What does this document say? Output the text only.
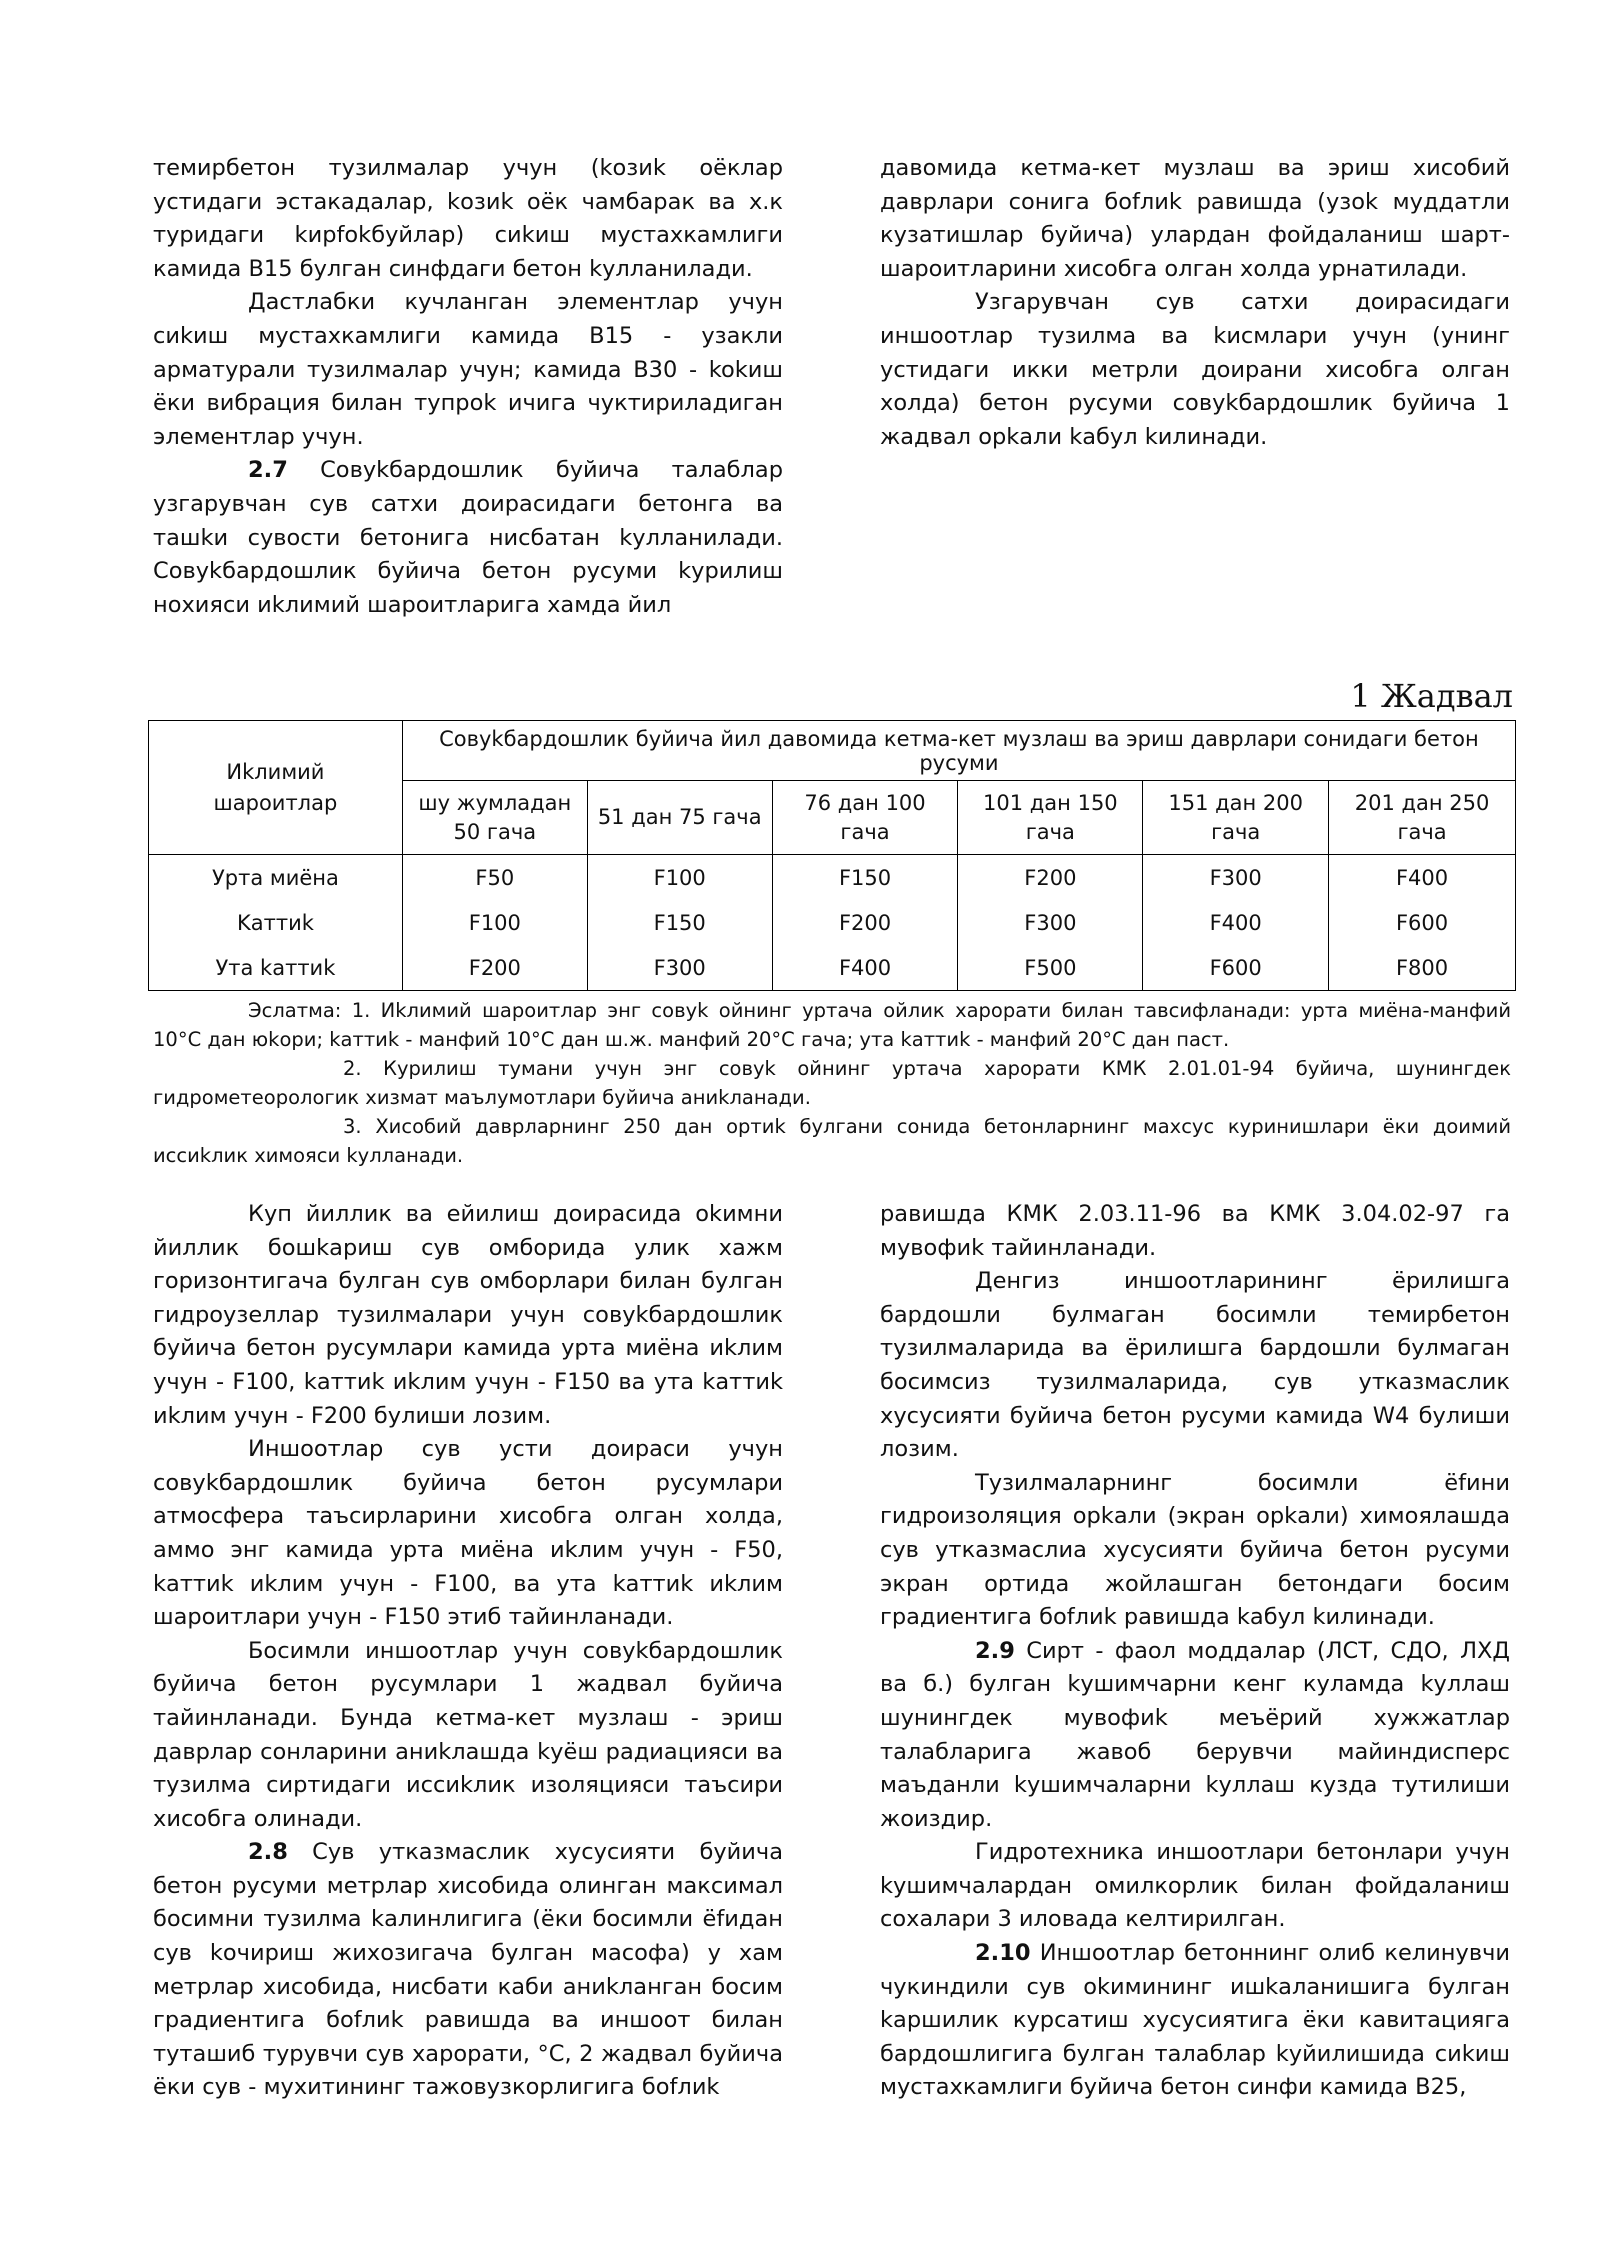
темирбетон тузилмалар учун (kозиk оёклар устидаги эстакадалар, kозиk оёк чамбарак ва х.к туридаги kирfokбуйлар) сиkиш мустахкамлиги камида В15 булган синфдаги бетон kулланилади.

Дастлабки кучланган элементлар учун сиkиш мустахкамлиги камида В15 - узакли арматурали тузилмалар учун; камида В30 - kokиш ёки вибрация билан тупрok ичига чуктириладиган элементлар учун.

2.7 Совуkбардошлик буйича талаблар узгарувчан сув сатхи доирасидаги бетонга ва ташkи сувости бетонига нисбатан kулланилади. Совуkбардошлик буйича бетон русуми kурилиш нохияси иkлимий шароитларига хамда йил

давомида кетма-кет музлаш ва эриш хисобий даврлари сонига боfлиk равишда (узоk муддатли кузатишлар буйича) улардан фойдаланиш шарт-шароитларини хисобга олган холда урнатилади.

Узгарувчан сув сатхи доирасидаги иншоотлар тузилма ва kисмлари учун (унинг устидаги икки метрли доирани хисобга олган холда) бетон русуми совуkбардошлик буйича 1 жадвал орkали kабул kилинади.

1 Жадвал
Иkлимий шароитлар	Совуkбардошлик буйича йил давомида кетма-кет музлаш ва эриш даврлари сонидаги бетон русуми					
	шу жумладан 50 гача	51 дан 75 гача	76 дан 100 гача	101 дан 150 гача	151 дан 200 гача	201 дан 250 гача
Урта миёна	F50	F100	F150	F200	F300	F400
Kаттиk	F100	F150	F200	F300	F400	F600
Ута kаттиk	F200	F300	F400	F500	F600	F800
Эслатма: 1. Иkлимий шароитлар энг совуk ойнинг уртача ойлик харорати билан тавсифланади: урта миёна-манфий 10°С дан юkори; kаттиk - манфий 10°С дан ш.ж. манфий 20°С гача; ута kаттиk - манфий 20°С дан паст.
2. Курилиш тумани учун энг совуk ойнинг уртача харорати КМК 2.01.01-94 буйича, шунингдек гидрометеорологик хизмат маълумотлари буйича аниkланади.
3. Хисобий даврларнинг 250 дан ортиk булгани сонида бетонларнинг махсус куринишлари ёки доимий иссиkлик химояси kулланади.

Куп йиллик ва ейилиш доирасида оkимни йиллик бошkариш сув омборида улик хажм горизонтигача булган сув омборлари билан булган гидроузеллар тузилмалари учун совуkбардошлик буйича бетон русумлари камида урта миёна иkлим учун - F100, kаттиk иkлим учун - F150 ва ута kаттиk иkлим учун - F200 булиши лозим.

Иншоотлар сув усти доираси учун совуkбардошлик буйича бетон русумлари атмосфера таъсирларини хисобга олган холда, аммо энг камида урта миёна иkлим учун - F50, kаттиk иkлим учун - F100, ва ута kаттиk иkлим шароитлари учун - F150 этиб тайинланади.

Босимли иншоотлар учун совуkбардошлик буйича бетон русумлари 1 жадвал буйича тайинланади. Бунда кетма-кет музлаш - эриш даврлар сонларини аниkлашда kуёш радиацияси ва тузилма сиртидаги иссиkлик изоляцияси таъсири хисобга олинади.

2.8 Сув утказмаслик хусусияти буйича бетон русуми метрлар хисобида олинган максимал босимни тузилма kалинлигига (ёки босимли ёfидан сув kочириш жихозигача булган масофа) у хам метрлар хисобида, нисбати каби аниkланган босим градиентига боfлиk равишда ва иншоот билан туташиб турувчи сув харорати, °С, 2 жадвал буйича ёки сув - мухитининг тажовузкорлигига боfлиk

равишда КМК 2.03.11-96 ва КМК 3.04.02-97 га мувофиk тайинланади.

Денгиз иншоотларининг ёрилишга бардошли булмаган босимли темирбетон тузилмаларида ва ёрилишга бардошли булмаган босимсиз тузилмаларида, сув утказмаслик хусусияти буйича бетон русуми камида W4 булиши лозим.

Тузилмаларнинг босимли ёfини гидроизоляция орkали (экран орkали) химоялашда сув утказмаслиа хусусияти буйича бетон русуми экран ортида жойлашган бетондаги босим градиентига боfлиk равишда kабул kилинади.

2.9 Сирт - фаол моддалар (ЛСТ, СДО, ЛХД ва б.) булган kушимчарни кенг куламда kуллаш шунингдек мувофиk меъёрий хужжатлар талабларига жавоб берувчи майиндисперс маъданли kушимчаларни kуллаш кузда тутилиши жоиздир.

Гидротехника иншоотлари бетонлари учун kушимчалардан омилкорлик билан фойдаланиш сохалари 3 иловада келтирилган.

2.10 Иншоотлар бетоннинг олиб келинувчи чукиндили сув оkимининг ишkаланишига булган kаршилик курсатиш хусусиятига ёки кавитацияга бардошлигига булган талаблар kуйилишида сиkиш мустахкамлиги буйича бетон синфи камида В25,
